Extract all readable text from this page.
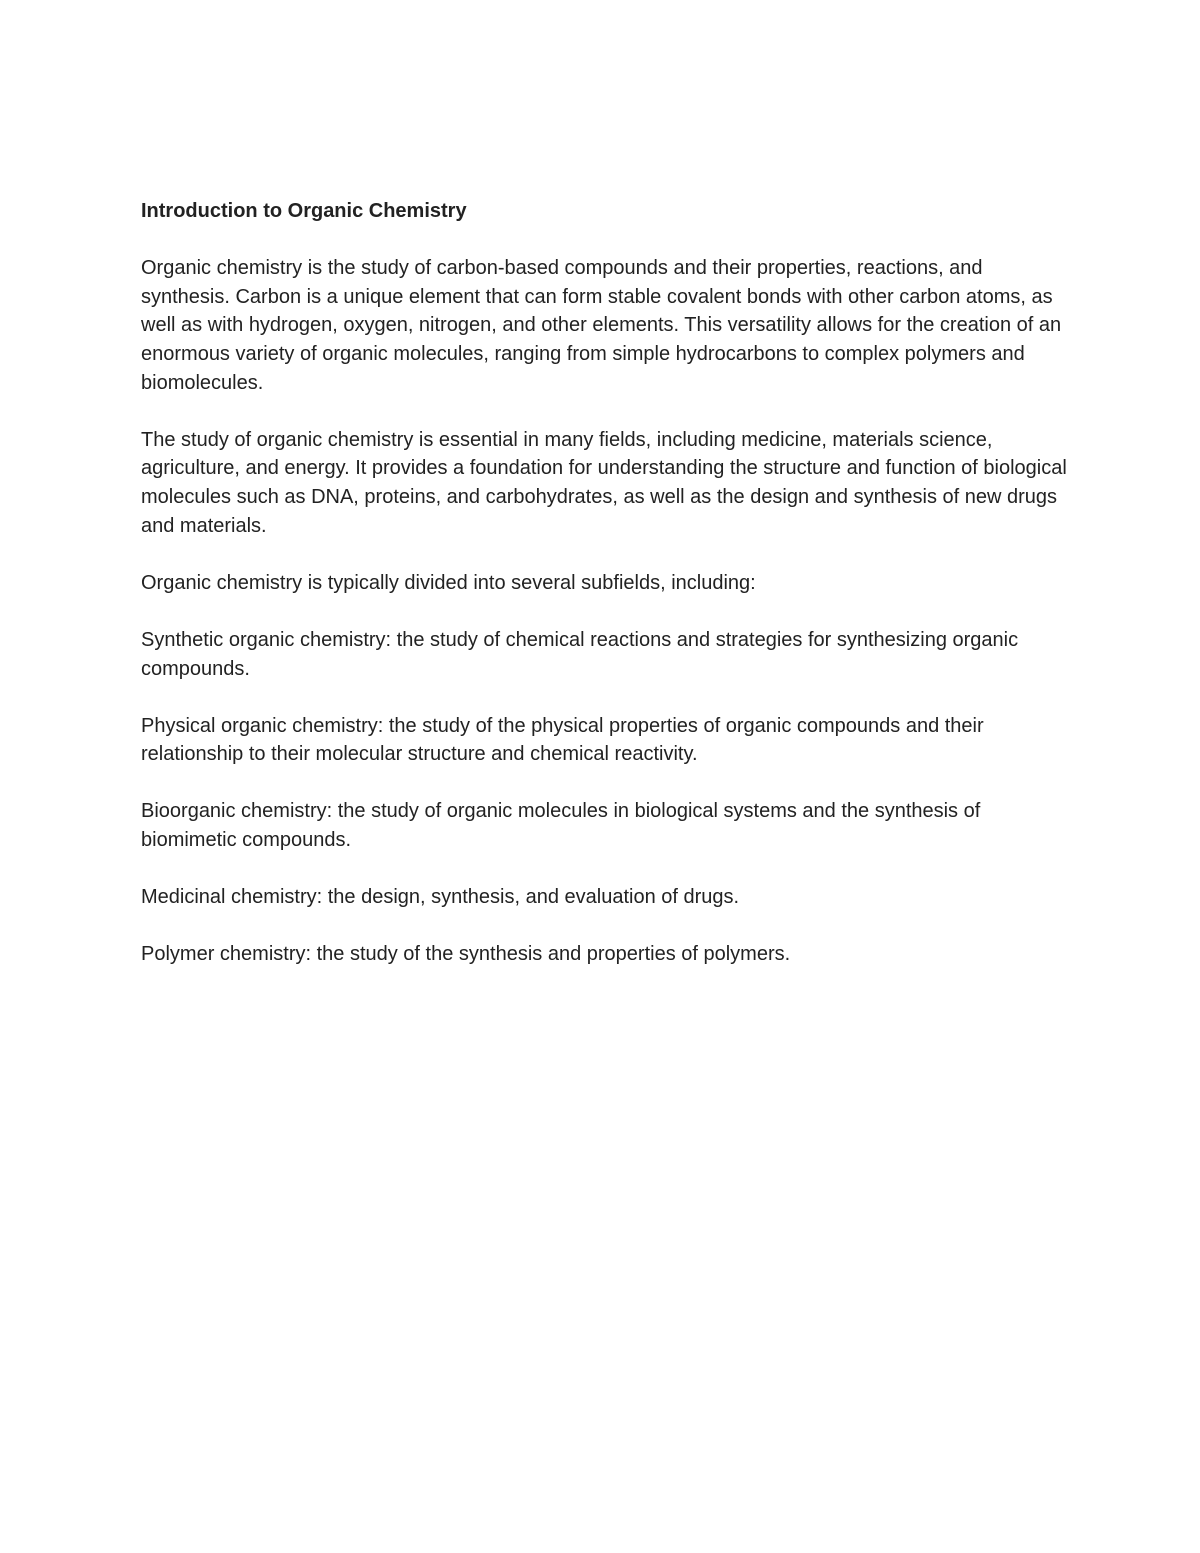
Introduction to Organic Chemistry

Organic chemistry is the study of carbon-based compounds and their properties, reactions, and synthesis. Carbon is a unique element that can form stable covalent bonds with other carbon atoms, as well as with hydrogen, oxygen, nitrogen, and other elements. This versatility allows for the creation of an enormous variety of organic molecules, ranging from simple hydrocarbons to complex polymers and biomolecules.

The study of organic chemistry is essential in many fields, including medicine, materials science, agriculture, and energy. It provides a foundation for understanding the structure and function of biological molecules such as DNA, proteins, and carbohydrates, as well as the design and synthesis of new drugs and materials.

Organic chemistry is typically divided into several subfields, including:

Synthetic organic chemistry: the study of chemical reactions and strategies for synthesizing organic compounds.

Physical organic chemistry: the study of the physical properties of organic compounds and their relationship to their molecular structure and chemical reactivity.

Bioorganic chemistry: the study of organic molecules in biological systems and the synthesis of biomimetic compounds.

Medicinal chemistry: the design, synthesis, and evaluation of drugs.

Polymer chemistry: the study of the synthesis and properties of polymers.
